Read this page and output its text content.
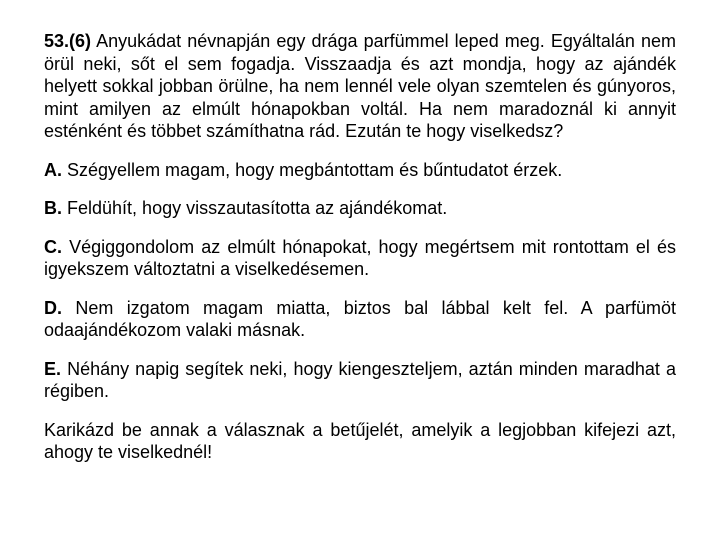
53.(6) Anyukádat névnapján egy drága parfümmel leped meg. Egyáltalán nem örül neki, sőt el sem fogadja. Visszaadja és azt mondja, hogy az ajándék helyett sokkal jobban örülne, ha nem lennél vele olyan szemtelen és gúnyoros, mint amilyen az elmúlt hónapokban voltál. Ha nem maradoznál ki annyit esténként és többet számíthatna rád. Ezután te hogy viselkedsz?

A. Szégyellem magam, hogy megbántottam és bűntudatot érzek.

B. Feldühít, hogy visszautasította az ajándékomat.

C. Végiggondolom az elmúlt hónapokat, hogy megértsem mit rontottam el és igyekszem változtatni a viselkedésemen.

D. Nem izgatom magam miatta, biztos bal lábbal kelt fel. A parfümöt odaajándékozom valaki másnak.

E. Néhány napig segítek neki, hogy kiengeszteljem, aztán minden maradhat a régiben.

Karikázd be annak a válasznak a betűjelét, amelyik a legjobban kifejezi azt, ahogy te viselkednél!
